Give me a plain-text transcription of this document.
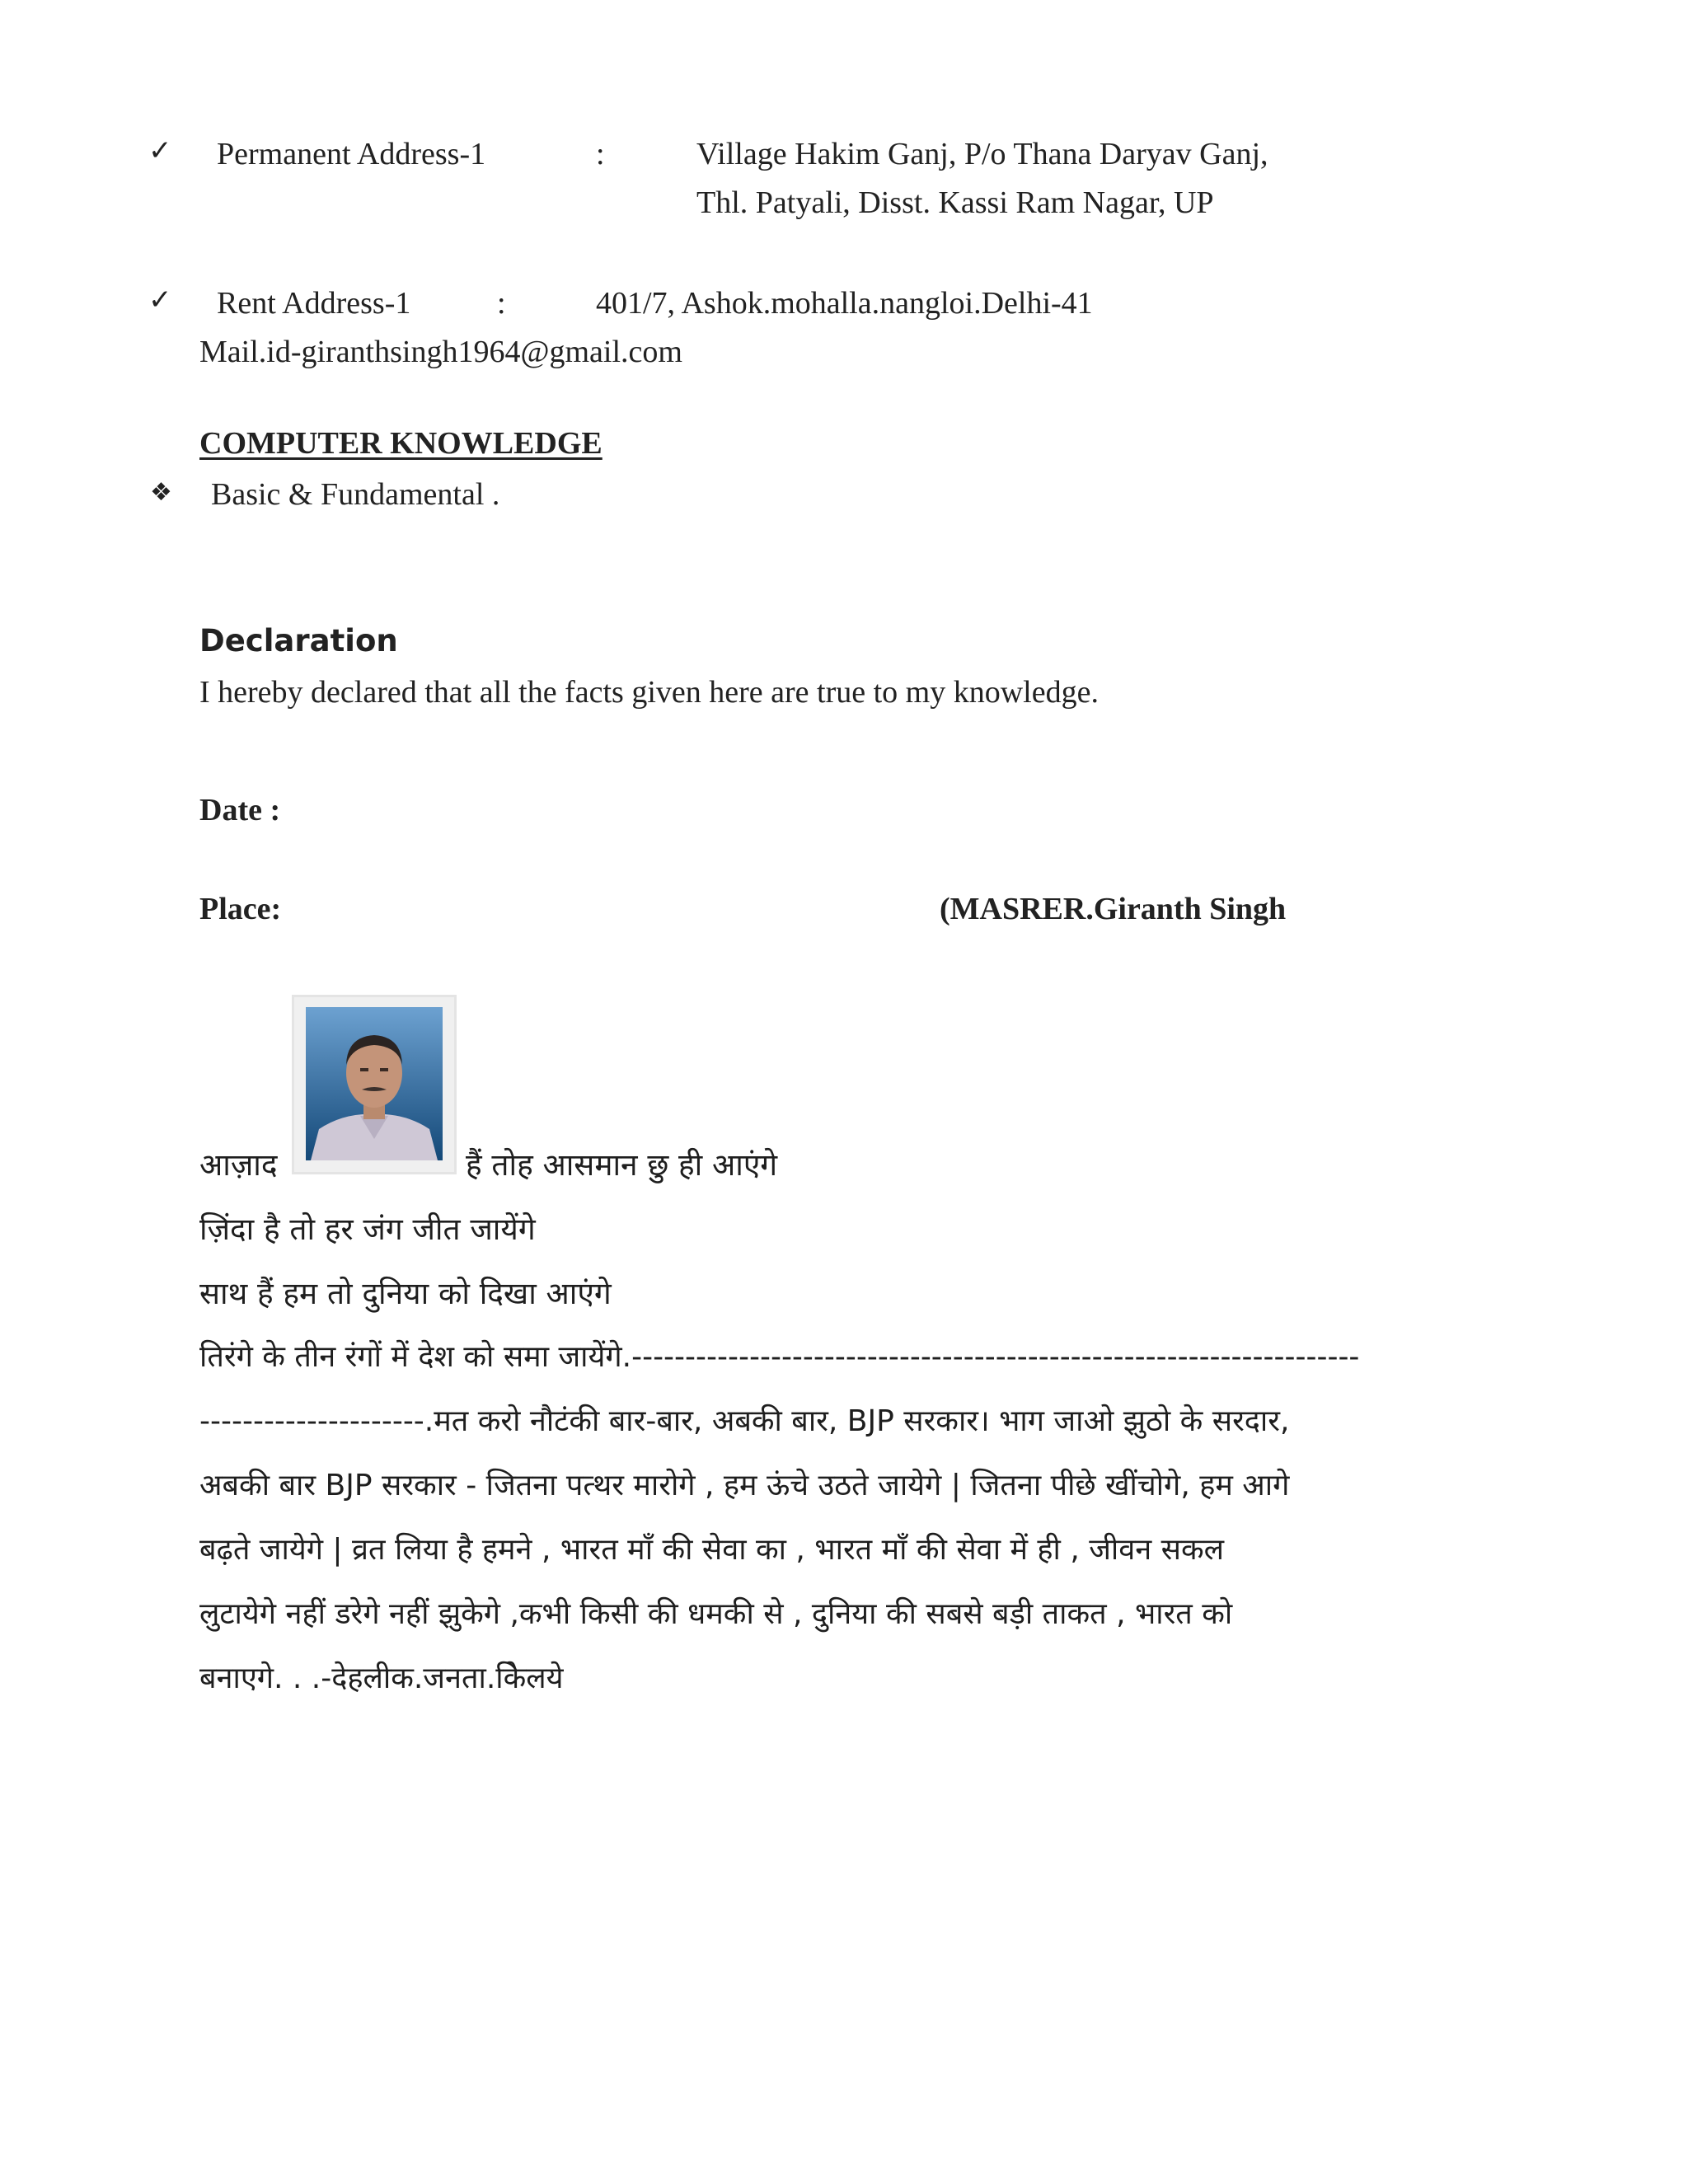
✓ Permanent Address-1	:	Village Hakim Ganj, P/o Thana Daryav Ganj,
Thl. Patyali, Disst. Kassi Ram Nagar, UP
✓ Rent Address-1	:	401/7, Ashok.mohalla.nangloi.Delhi-41
Mail.id-giranthsingh1964@gmail.com
COMPUTER KNOWLEDGE
❖ Basic & Fundamental .
Declaration
I hereby declared that all the facts given here are true to my knowledge.
Date :
Place:	(MASRER.Giranth Singh
आज़ाद	हैं तोह आसमान छु ही आएंगे
ज़िंदा है तो हर जंग जीत जायेंगे
साथ हैं हम तो दुनिया को दिखा आएंगे
तिरंगे के तीन रंगों में देश को समा जायेंगे.--------------------------------------------------------------------
---------------------.मत करो नौटंकी बार-बार, अबकी बार, BJP सरकार। भाग जाओ झुठो के सरदार,
अबकी बार BJP सरकार - जितना पत्थर मारोगे , हम ऊंचे उठते जायेगे | जितना पीछे खींचोगे, हम आगे
बढ़ते जायेगे | व्रत लिया है हमने , भारत माँ की सेवा का , भारत माँ की सेवा में ही , जीवन सकल
लुटायेगे नहीं डरेगे नहीं झुकेगे ,कभी किसी की धमकी से , दुनिया की सबसे बड़ी ताकत , भारत को
बनाएगे. . .-देहलीक.जनता.केिलये
